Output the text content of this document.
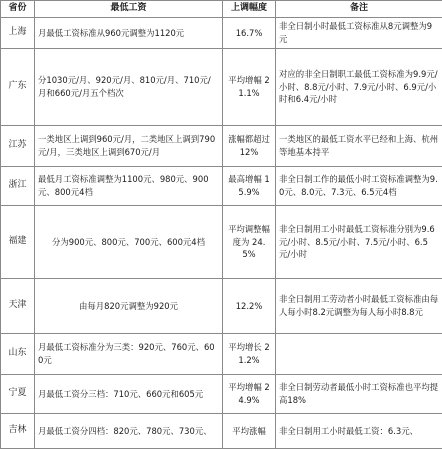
省份	最低工资	上调幅度	备注
上海	月最低工资标准从960元调整为1120元	16.7%	非全日制小时最低工资标准从8元调整为9元
广东	分1030元/月、920元/月、810元/月、710元/月和660元/月五个档次	平均增幅 21.1%	对应的非全日制职工最低工资标准为9.9元/小时、8.8元/小时、7.9元/小时、6.9元/小时和6.4元/小时
江苏	一类地区上调到960元/月，二类地区上调到790元/月，三类地区上调到670元/月	涨幅都超过12%	一类地区的最低工资水平已经和上海、杭州等地基本持平
浙江	最低月工资标准调整为1100元、980元、900元、800元4档	最高增幅 15.9%	非全日制工作的最低小时工资标准调整为9.0元、8.0元、7.3元、6.5元4档
福建	分为900元、800元、700元、600元4档	平均调整幅度为 24.5%	非全日制用工小时最低工资标准分别为9.6元/小时、8.5元/小时、7.5元/小时、6.5元/小时
天津	由每月820元调整为920元	12.2%	非全日制用工劳动者小时最低工资标准由每人每小时8.2元调整为每人每小时8.8元
山东	月最低工资标准分为三类：920元、760元、600元	平均增长 21.2%	
宁夏	月最低工资分三档：710元、660元和605元	平均增幅 24.9%	非全日制劳动者最低小时工资标准也平均提高18%
吉林	月最低工资分四档：820元、780元、730元、	平均涨幅	非全日制用工小时最低工资：6.3元、
